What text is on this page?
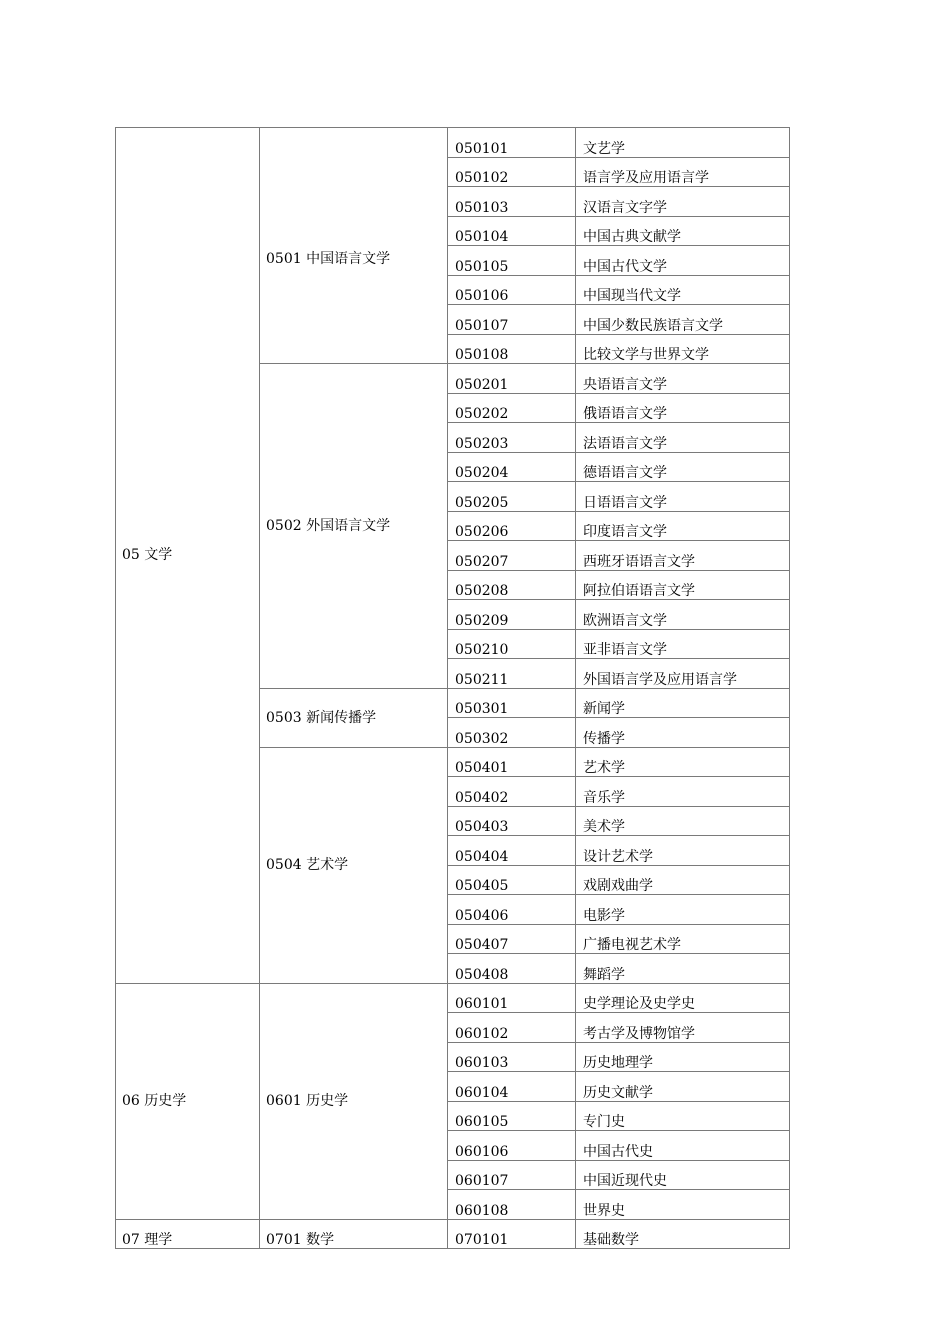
05 文学		050101	文艺学
		050102	语言学及应用语言学
		050103	汉语言文字学
		050104	中国古典文献学
	0501 中国语言文学	050105	中国古代文学
		050106	中国现当代文学
		050107	中国少数民族语言文学
		050108	比较文学与世界文学
	0502 外国语言文学	050201	央语语言文学
		050202	俄语语言文学
		050203	法语语言文学
		050204	德语语言文学
		050205	日语语言文学
		050206	印度语言文学
		050207	西班牙语语言文学
		050208	阿拉伯语语言文学
		050209	欧洲语言文学
		050210	亚非语言文学
		050211	外国语言学及应用语言学
	0503 新闻传播学	050301	新闻学
		050302	传播学
	0504 艺术学	050401	艺术学
		050402	音乐学
		050403	美术学
		050404	设计艺术学
		050405	戏剧戏曲学
		050406	电影学
		050407	广播电视艺术学
		050408	舞蹈学
06 历史学	0601 历史学	060101	史学理论及史学史
		060102	考古学及博物馆学
		060103	历史地理学
		060104	历史文献学
		060105	专门史
		060106	中国古代史
		060107	中国近现代史
		060108	世界史
07 理学	0701 数学	070101	基础数学
